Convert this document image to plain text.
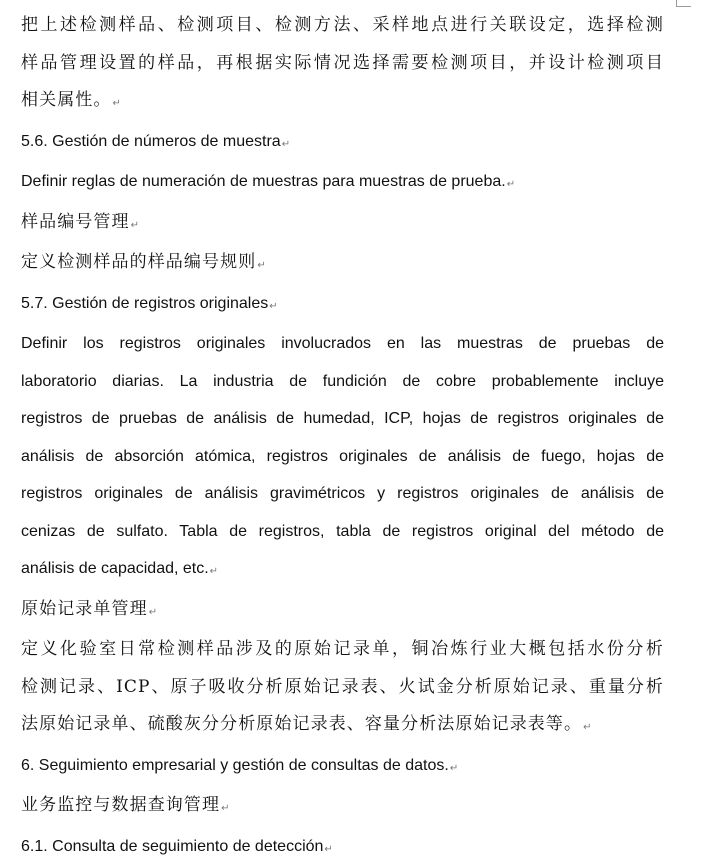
把上述检测样品、检测项目、检测方法、采样地点进行关联设定，选择检测

样品管理设置的样品，再根据实际情况选择需要检测项目，并设计检测项目

相关属性。↵

5.6. Gestión de números de muestra↵

Definir reglas de numeración de muestras para muestras de prueba.↵

样品编号管理↵

定义检测样品的样品编号规则↵

5.7. Gestión de registros originales↵

Definir los registros originales involucrados en las muestras de pruebas de

laboratorio diarias. La industria de fundición de cobre probablemente incluye

registros de pruebas de análisis de humedad, ICP, hojas de registros originales de

análisis de absorción atómica, registros originales de análisis de fuego, hojas de

registros originales de análisis gravimétricos y registros originales de análisis de

cenizas de sulfato. Tabla de registros, tabla de registros original del método de

análisis de capacidad, etc.↵

原始记录单管理↵

定义化验室日常检测样品涉及的原始记录单，铜冶炼行业大概包括水份分析

检测记录、ICP、原子吸收分析原始记录表、火试金分析原始记录、重量分析

法原始记录单、硫酸灰分分析原始记录表、容量分析法原始记录表等。↵

6. Seguimiento empresarial y gestión de consultas de datos.↵

业务监控与数据查询管理↵

6.1. Consulta de seguimiento de detección↵
